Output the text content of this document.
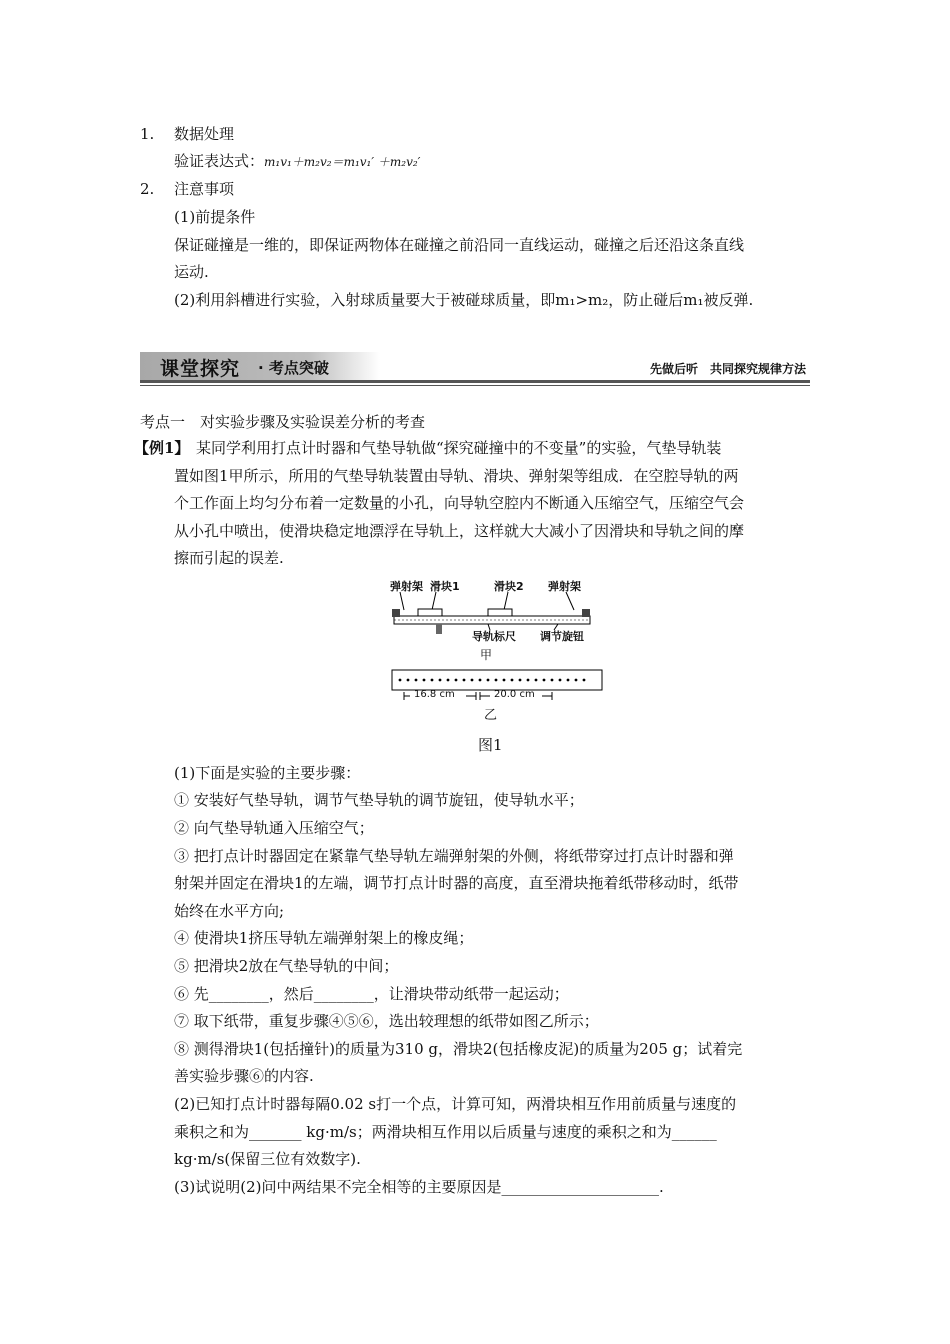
1. 数据处理
验证表达式：m₁v₁＋m₂v₂＝m₁v₁′ ＋m₂v₂′
2. 注意事项
(1)前提条件
保证碰撞是一维的，即保证两物体在碰撞之前沿同一直线运动，碰撞之后还沿这条直线
运动.
(2)利用斜槽进行实验，入射球质量要大于被碰球质量，即m₁>m₂，防止碰后m₁被反弹.
课堂探究 · 考点突破	先做后听　共同探究规律方法
考点一　对实验步骤及实验误差分析的考查
【例1】 某同学利用打点计时器和气垫导轨做“探究碰撞中的不变量”的实验，气垫导轨装
置如图1甲所示，所用的气垫导轨装置由导轨、滑块、弹射架等组成．在空腔导轨的两
个工作面上均匀分布着一定数量的小孔，向导轨空腔内不断通入压缩空气，压缩空气会
从小孔中喷出，使滑块稳定地漂浮在导轨上，这样就大大减小了因滑块和导轨之间的摩
擦而引起的误差.
弹射架 滑块1	滑块2 弹射架
导轨标尺 调节旋钮
甲
16.8 cm	20.0 cm
乙
图1
(1)下面是实验的主要步骤：
① 安装好气垫导轨，调节气垫导轨的调节旋钮，使导轨水平；
② 向气垫导轨通入压缩空气；
③ 把打点计时器固定在紧靠气垫导轨左端弹射架的外侧，将纸带穿过打点计时器和弹
射架并固定在滑块1的左端，调节打点计时器的高度，直至滑块拖着纸带移动时，纸带
始终在水平方向;
④ 使滑块1挤压导轨左端弹射架上的橡皮绳；
⑤ 把滑块2放在气垫导轨的中间；
⑥ 先________，然后________，让滑块带动纸带一起运动；
⑦ 取下纸带，重复步骤④⑤⑥，选出较理想的纸带如图乙所示；
⑧ 测得滑块1(包括撞针)的质量为310 g，滑块2(包括橡皮泥)的质量为205 g；试着完
善实验步骤⑥的内容.
(2)已知打点计时器每隔0.02 s打一个点，计算可知，两滑块相互作用前质量与速度的
乘积之和为_______ kg·m/s；两滑块相互作用以后质量与速度的乘积之和为______
kg·m/s(保留三位有效数字).
(3)试说明(2)问中两结果不完全相等的主要原因是_____________________.
